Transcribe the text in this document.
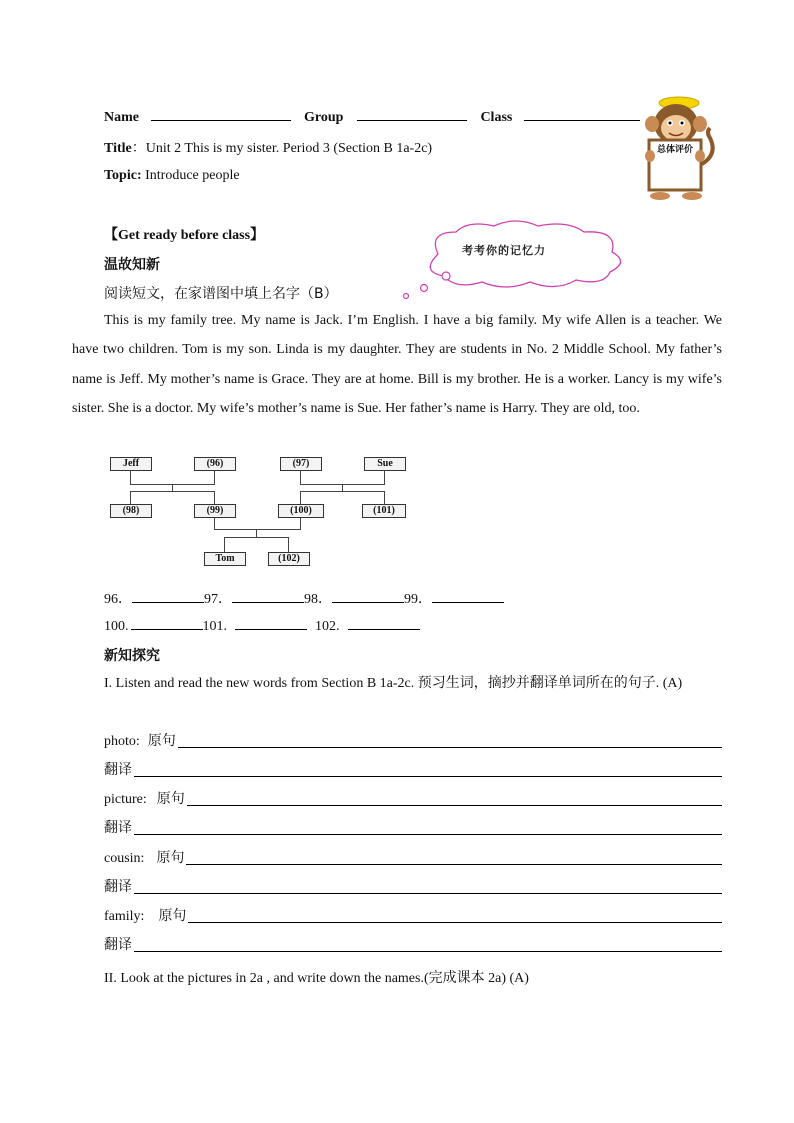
Name	Group	Class
Title：Unit 2 This is my sister. Period 3 (Section B 1a-2c)
Topic: Introduce people
总体评价
【Get ready before class】
考考你的记忆力
温故知新
阅读短文，在家谱图中填上名字（B）
This is my family tree. My name is Jack. I’m English. I have a big family. My wife Allen is a teacher. We have two children. Tom is my son. Linda is my daughter. They are students in No. 2 Middle School. My father’s name is Jeff. My mother’s name is Grace. They are at home. Bill is my brother. He is a worker. Lancy is my wife’s sister. She is a doctor. My wife’s mother’s name is Sue. Her father’s name is Harry. They are old, too.
Jeff	(96)	(97)	Sue
(98)	(99)	(100)	(101)
Tom	(102)
96．	97．	98．	99．
100.	101.	102.
新知探究
I. Listen and read the new words from Section B 1a-2c. 预习生词，摘抄并翻译单词所在的句子. (A)
photo: 原句
翻译
picture: 原句
翻译
cousin: 原句
翻译
family: 原句
翻译
II. Look at the pictures in 2a , and write down the names.(完成课本 2a) (A)
